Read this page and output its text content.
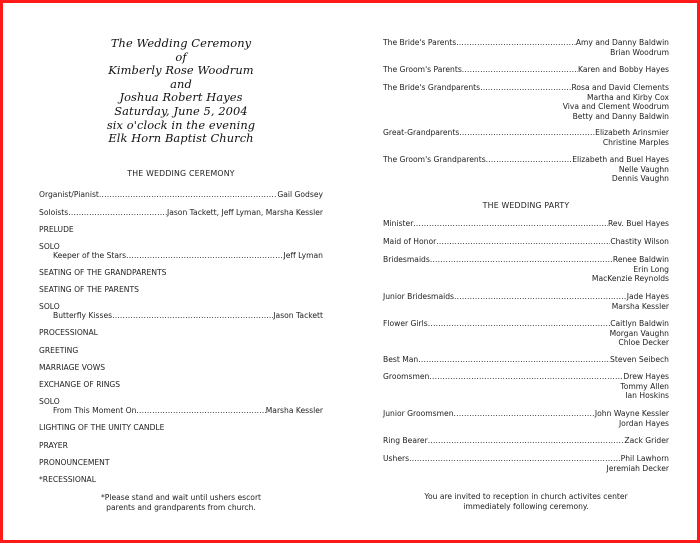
The Wedding Ceremony
of
Kimberly Rose Woodrum
and
Joshua Robert Hayes
Saturday, June 5, 2004
six o'clock in the evening
Elk Horn Baptist Church
THE WEDDING CEREMONY
Organist/Pianist .....	Gail Godsey
Soloists .....	Jason Tackett, Jeff Lyman, Marsha Kessler
PRELUDE
SOLO
Keeper of the Stars .....	Jeff Lyman
SEATING OF THE GRANDPARENTS
SEATING OF THE PARENTS
SOLO
Butterfly Kisses .....	Jason Tackett
PROCESSIONAL
GREETING
MARRIAGE VOWS
EXCHANGE OF RINGS
SOLO
From This Moment On .....	Marsha Kessler
LIGHTING OF THE UNITY CANDLE
PRAYER
PRONOUNCEMENT
*RECESSIONAL
*Please stand and wait until ushers escort
parents and grandparents from church.
The Bride's Parents .....	Amy and Danny Baldwin
Brian Woodrum
The Groom's Parents .....	Karen and Bobby Hayes
The Bride's Grandparents .....	Rosa and David Clements
Martha and Kirby Cox
Viva and Clement Woodrum
Betty and Danny Baldwin
Great-Grandparents .....	Elizabeth Arinsmier
Christine Marples
The Groom's Grandparents .....	Elizabeth and Buel Hayes
Nelle Vaughn
Dennis Vaughn
THE WEDDING PARTY
Minister .....	Rev. Buel Hayes
Maid of Honor .....	Chastity Wilson
Bridesmaids .....	Renee Baldwin
Erin Long
MacKenzie Reynolds
Junior Bridesmaids .....	Jade Hayes
Marsha Kessler
Flower Girls .....	Caitlyn Baldwin
Morgan Vaughn
Chloe Decker
Best Man .....	Steven Seibech
Groomsmen .....	Drew Hayes
Tommy Allen
Ian Hoskins
Junior Groomsmen .....	John Wayne Kessler
Jordan Hayes
Ring Bearer .....	Zack Grider
Ushers .....	Phil Lawhorn
Jeremiah Decker
You are invited to reception in church activites center
immediately following ceremony.
